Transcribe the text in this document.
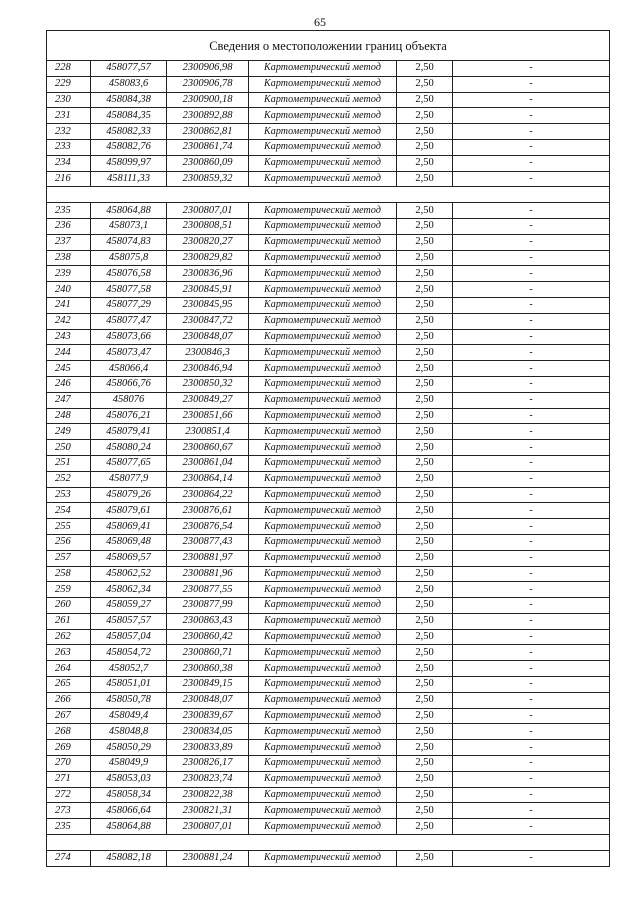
65
Сведения о местоположении границ объекта					
228	458077,57	2300906,98	Картометрический метод	2,50	-
229	458083,6	2300906,78	Картометрический метод	2,50	-
230	458084,38	2300900,18	Картометрический метод	2,50	-
231	458084,35	2300892,88	Картометрический метод	2,50	-
232	458082,33	2300862,81	Картометрический метод	2,50	-
233	458082,76	2300861,74	Картометрический метод	2,50	-
234	458099,97	2300860,09	Картометрический метод	2,50	-
216	458111,33	2300859,32	Картометрический метод	2,50	-

235	458064,88	2300807,01	Картометрический метод	2,50	-
236	458073,1	2300808,51	Картометрический метод	2,50	-
237	458074,83	2300820,27	Картометрический метод	2,50	-
238	458075,8	2300829,82	Картометрический метод	2,50	-
239	458076,58	2300836,96	Картометрический метод	2,50	-
240	458077,58	2300845,91	Картометрический метод	2,50	-
241	458077,29	2300845,95	Картометрический метод	2,50	-
242	458077,47	2300847,72	Картометрический метод	2,50	-
243	458073,66	2300848,07	Картометрический метод	2,50	-
244	458073,47	2300846,3	Картометрический метод	2,50	-
245	458066,4	2300846,94	Картометрический метод	2,50	-
246	458066,76	2300850,32	Картометрический метод	2,50	-
247	458076	2300849,27	Картометрический метод	2,50	-
248	458076,21	2300851,66	Картометрический метод	2,50	-
249	458079,41	2300851,4	Картометрический метод	2,50	-
250	458080,24	2300860,67	Картометрический метод	2,50	-
251	458077,65	2300861,04	Картометрический метод	2,50	-
252	458077,9	2300864,14	Картометрический метод	2,50	-
253	458079,26	2300864,22	Картометрический метод	2,50	-
254	458079,61	2300876,61	Картометрический метод	2,50	-
255	458069,41	2300876,54	Картометрический метод	2,50	-
256	458069,48	2300877,43	Картометрический метод	2,50	-
257	458069,57	2300881,97	Картометрический метод	2,50	-
258	458062,52	2300881,96	Картометрический метод	2,50	-
259	458062,34	2300877,55	Картометрический метод	2,50	-
260	458059,27	2300877,99	Картометрический метод	2,50	-
261	458057,57	2300863,43	Картометрический метод	2,50	-
262	458057,04	2300860,42	Картометрический метод	2,50	-
263	458054,72	2300860,71	Картометрический метод	2,50	-
264	458052,7	2300860,38	Картометрический метод	2,50	-
265	458051,01	2300849,15	Картометрический метод	2,50	-
266	458050,78	2300848,07	Картометрический метод	2,50	-
267	458049,4	2300839,67	Картометрический метод	2,50	-
268	458048,8	2300834,05	Картометрический метод	2,50	-
269	458050,29	2300833,89	Картометрический метод	2,50	-
270	458049,9	2300826,17	Картометрический метод	2,50	-
271	458053,03	2300823,74	Картометрический метод	2,50	-
272	458058,34	2300822,38	Картометрический метод	2,50	-
273	458066,64	2300821,31	Картометрический метод	2,50	-
235	458064,88	2300807,01	Картометрический метод	2,50	-

274	458082,18	2300881,24	Картометрический метод	2,50	-
